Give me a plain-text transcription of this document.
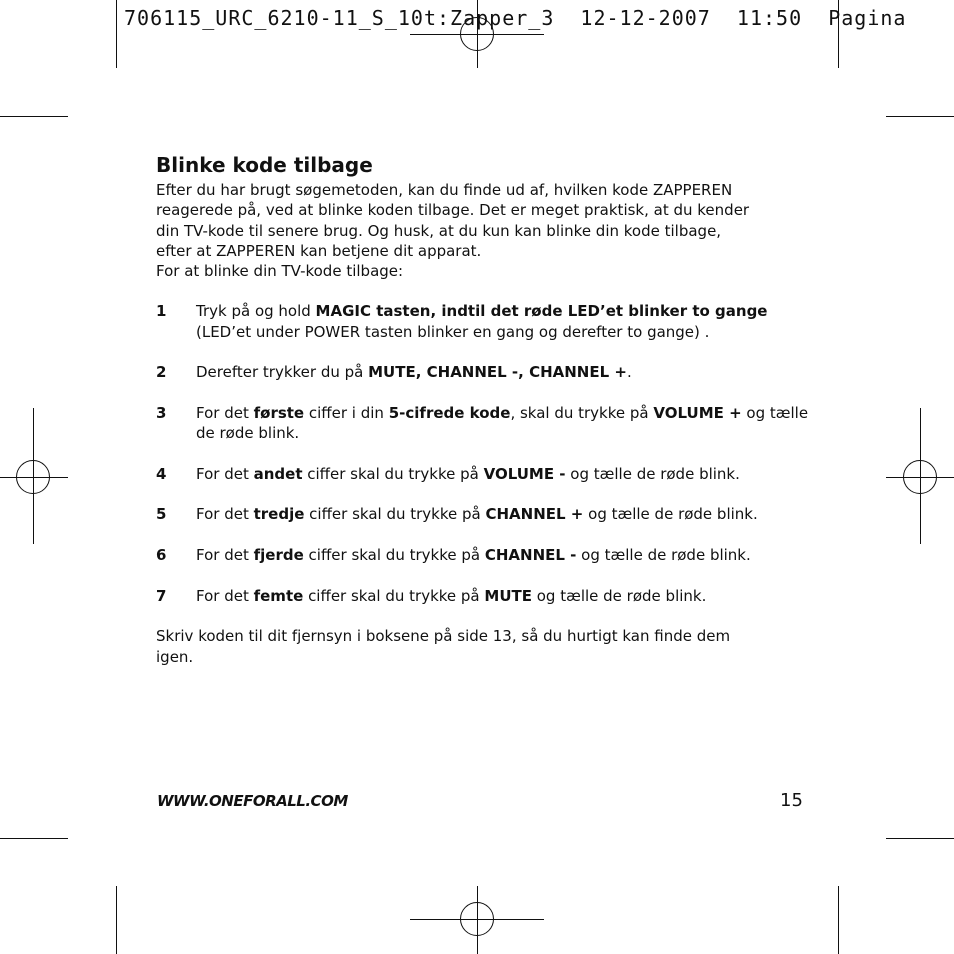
706115_URC_6210-11_S_10t:Zapper_3  12-12-2007  11:50  Pagina
Blinke kode tilbage

Efter du har brugt søgemetoden, kan du finde ud af, hvilken kode ZAPPEREN

reagerede på, ved at blinke koden tilbage. Det er meget praktisk, at du kender

din TV-kode til senere brug. Og husk, at du kun kan blinke din kode tilbage,

efter at ZAPPEREN kan betjene dit apparat.

For at blinke din TV-kode tilbage:

1	Tryk på og hold MAGIC tasten, indtil det røde LED’et blinker to gange (LED’et under POWER tasten blinker en gang og derefter to gange) .
2	Derefter trykker du på MUTE, CHANNEL -, CHANNEL +.
3	For det første ciffer i din 5-cifrede kode, skal du trykke på VOLUME + og tælle de røde blink.
4	For det andet ciffer skal du trykke på VOLUME - og tælle de røde blink.
5	For det tredje ciffer skal du trykke på CHANNEL + og tælle de røde blink.
6	For det fjerde ciffer skal du trykke på CHANNEL - og tælle de røde blink.
7	For det femte ciffer skal du trykke på MUTE og tælle de røde blink.

Skriv koden til dit fjernsyn i boksene på side 13, så du hurtigt kan finde dem

igen.

WWW.ONEFORALL.COM	15
